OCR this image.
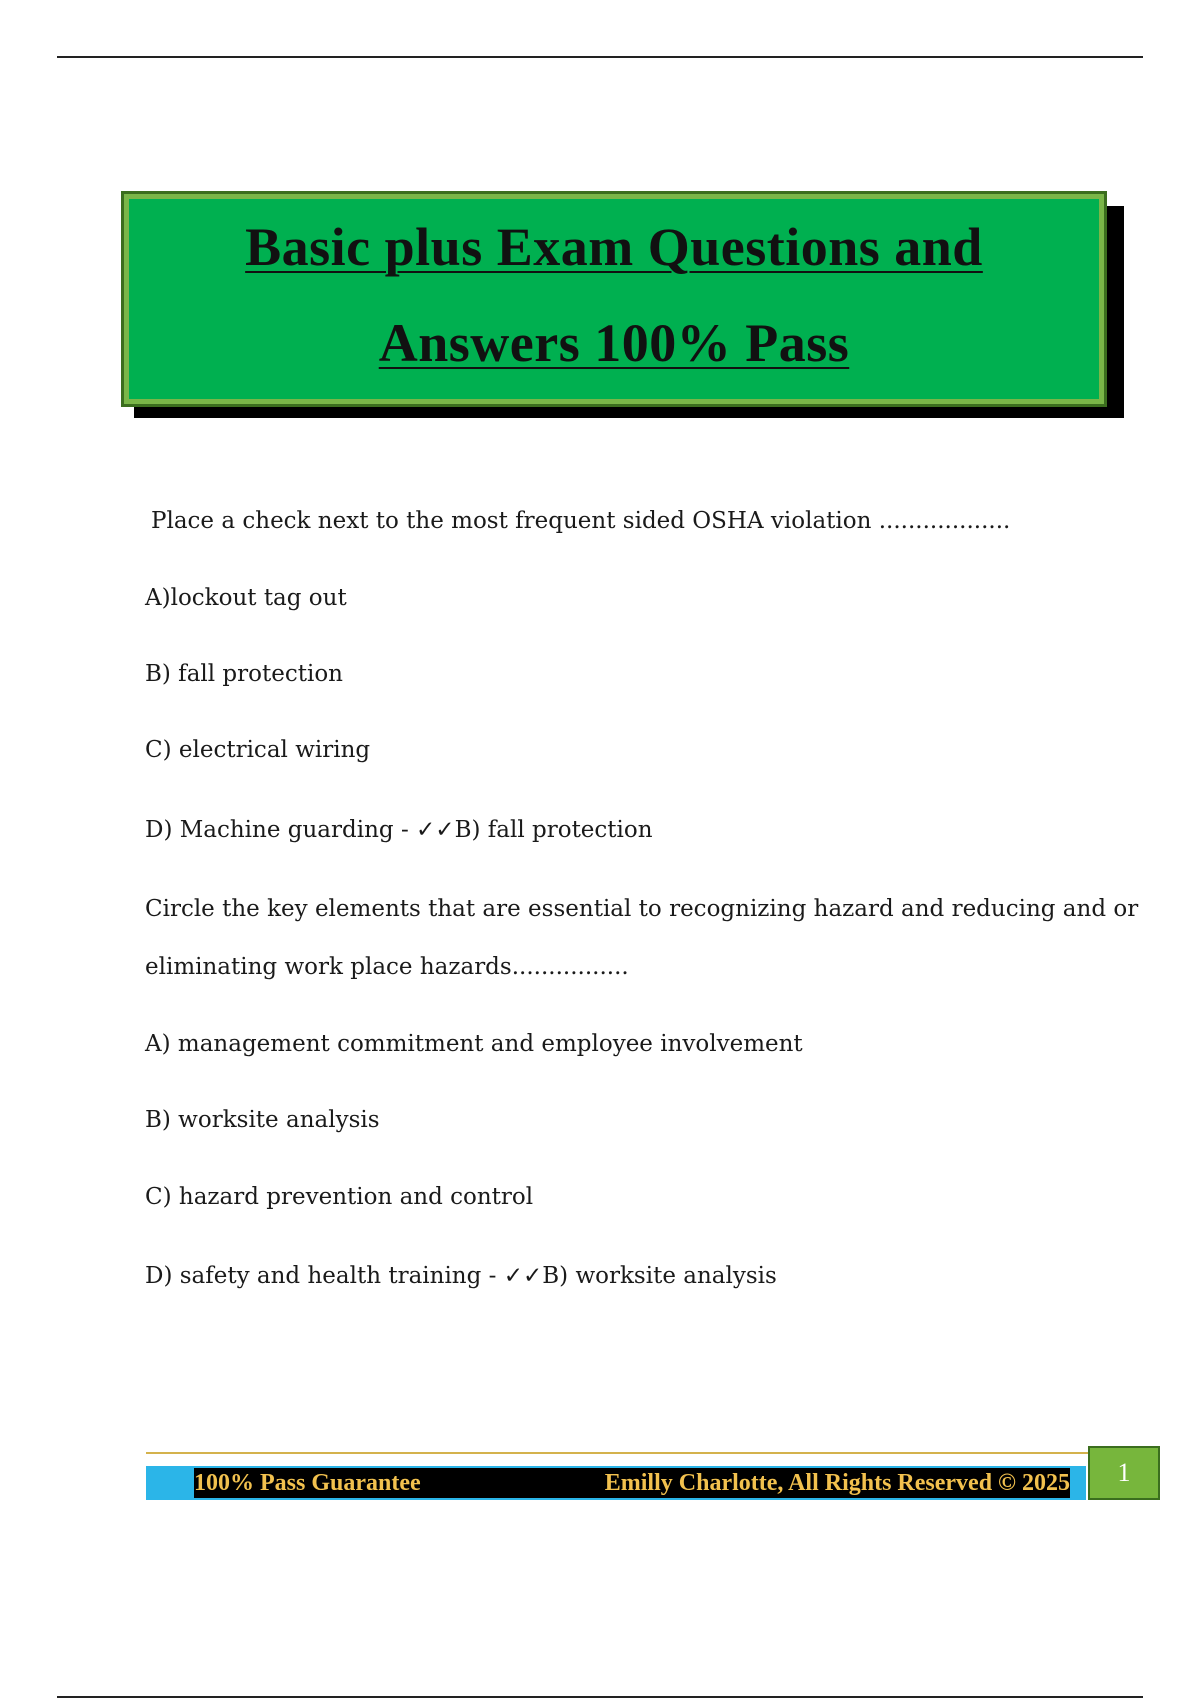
Basic plus Exam Questions and
Answers 100% Pass
Place a check next to the most frequent sided OSHA violation ..................
A)lockout tag out
B) fall protection
C) electrical wiring
D) Machine guarding - ✓✓B) fall protection
Circle the key elements that are essential to recognizing hazard and reducing and or
eliminating work place hazards................
A) management commitment and employee involvement
B) worksite analysis
C) hazard prevention and control
D) safety and health training - ✓✓B) worksite analysis
100% Pass Guarantee	Emilly Charlotte, All Rights Reserved © 2025	1
